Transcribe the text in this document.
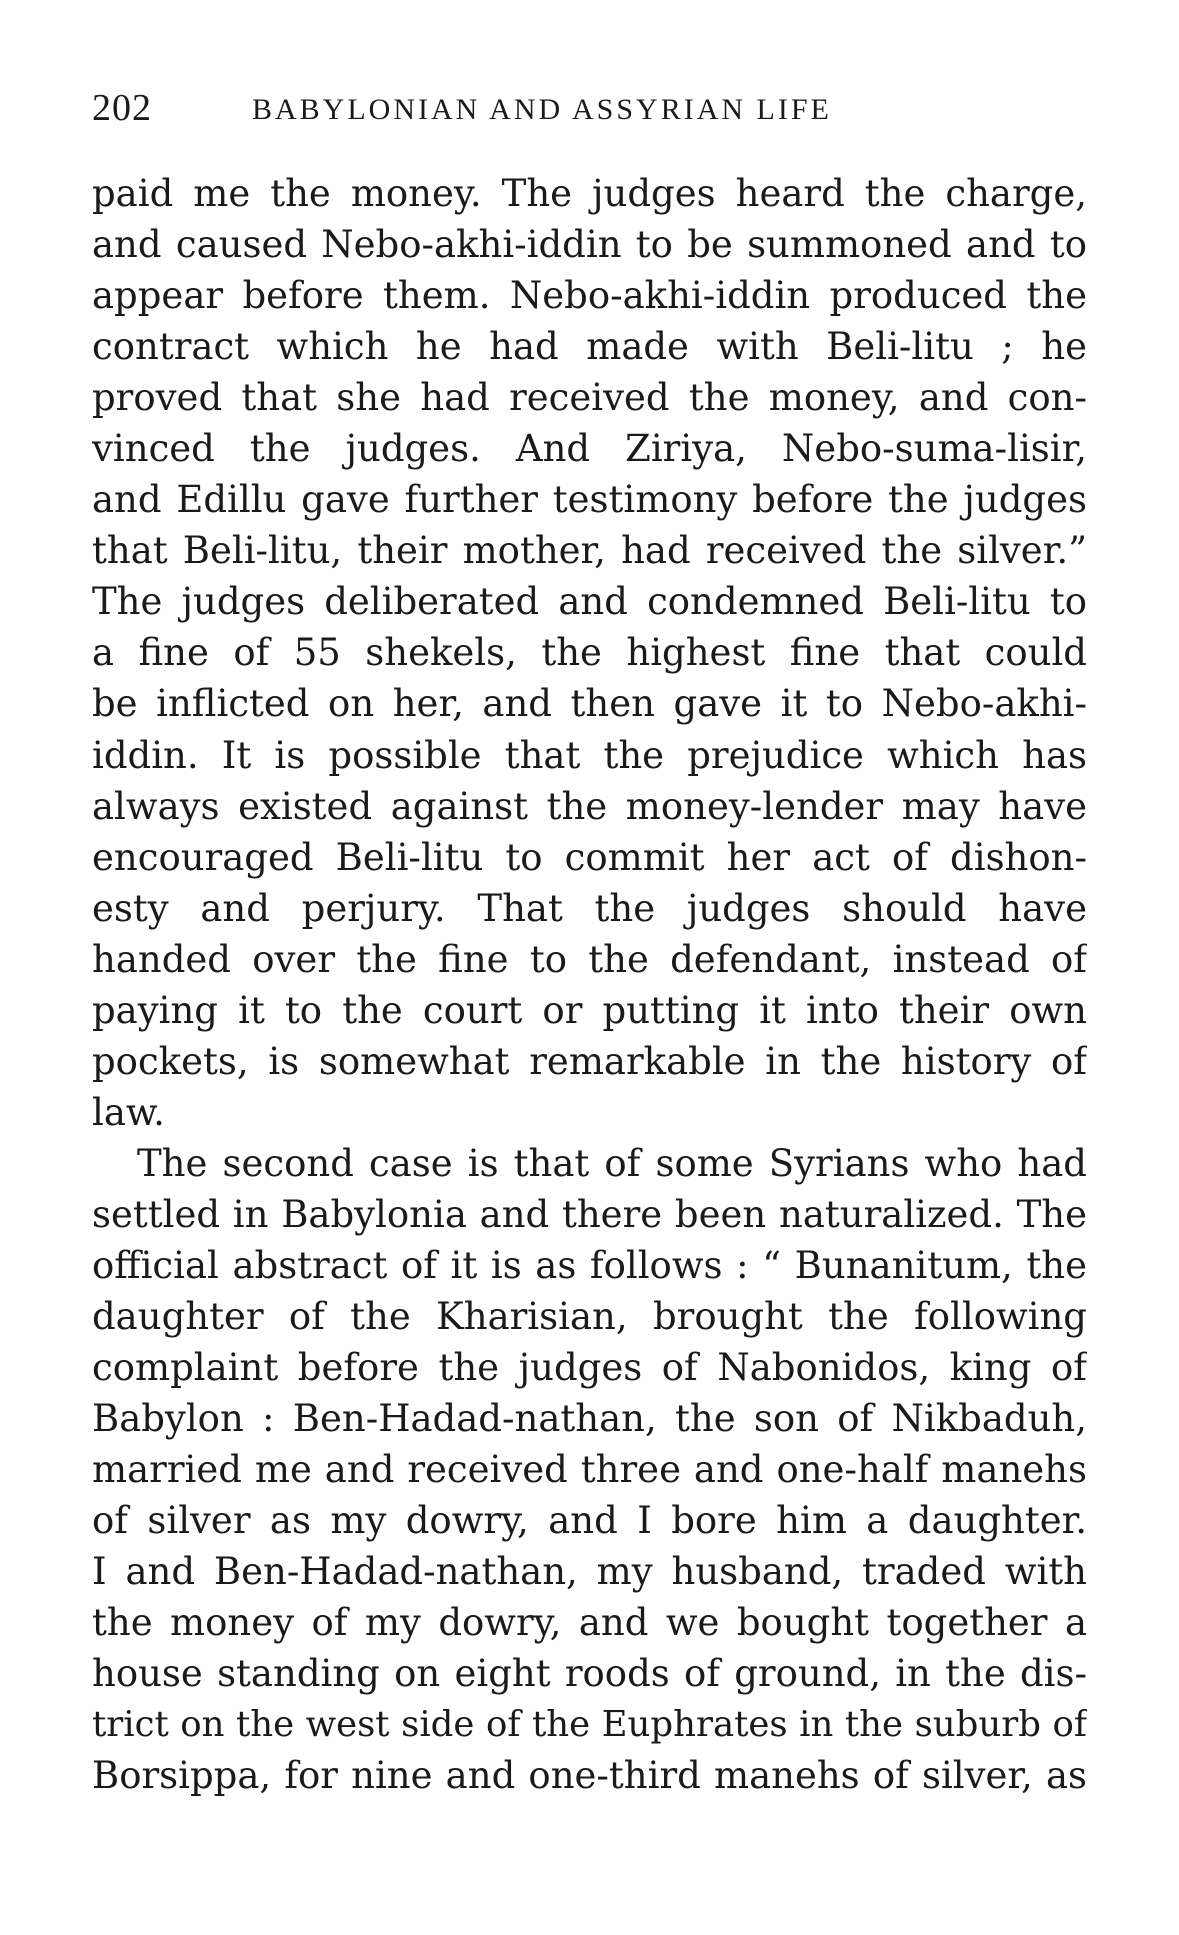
202	BABYLONIAN AND ASSYRIAN LIFE
paid me the money. The judges heard the charge,
and caused Nebo-akhi-iddin to be summoned and to
appear before them. Nebo-akhi-iddin produced the
contract which he had made with Beli-litu ; he
proved that she had received the money, and con-
vinced the judges. And Ziriya, Nebo-suma-lisir,
and Edillu gave further testimony before the judges
that Beli-litu, their mother, had received the silver.”
The judges deliberated and condemned Beli-litu to
a fine of 55 shekels, the highest fine that could
be inflicted on her, and then gave it to Nebo-akhi-
iddin. It is possible that the prejudice which has
always existed against the money-lender may have
encouraged Beli-litu to commit her act of dishon-
esty and perjury. That the judges should have
handed over the fine to the defendant, instead of
paying it to the court or putting it into their own
pockets, is somewhat remarkable in the history of
law.
The second case is that of some Syrians who had
settled in Babylonia and there been naturalized. The
official abstract of it is as follows : “ Bunanitum, the
daughter of the Kharisian, brought the following
complaint before the judges of Nabonidos, king of
Babylon : Ben-Hadad-nathan, the son of Nikbaduh,
married me and received three and one-half manehs
of silver as my dowry, and I bore him a daughter.
I and Ben-Hadad-nathan, my husband, traded with
the money of my dowry, and we bought together a
house standing on eight roods of ground, in the dis-
trict on the west side of the Euphrates in the suburb of
Borsippa, for nine and one-third manehs of silver, as
